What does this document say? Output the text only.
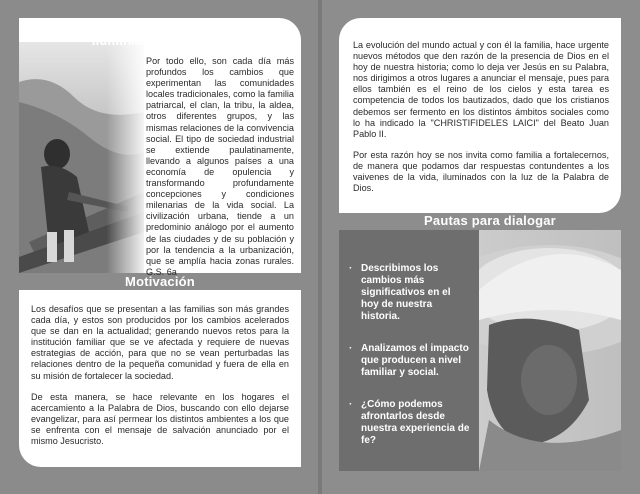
Por todo ello, son cada día más profundos los cambios que experimentan las comunidades locales tradicionales, como la familia patriarcal, el clan, la tribu, la aldea, otros diferentes grupos, y las mismas relaciones de la convivencia social. El tipo de sociedad industrial se extiende paulatinamente, llevando a algunos países a una economía de opulencia y transformando profundamente concepciones y condiciones milenarias de la vida social. La civilización urbana, tiende a un predominio análogo por el aumento de las ciudades y de su población y por la tendencia a la urbanización, que se amplía hacia zonas rurales. G.S. 6a
Iluminación Doctrinal
Motivación

Los desafíos que se presentan a las familias son más grandes cada día, y estos son producidos por los cambios acelerados que se dan en la actualidad; generando nuevos retos para la institución familiar que se ve afectada y requiere de nuevas estrategias de acción, para que no se vean perturbadas las relaciones dentro de la pequeña comunidad y fuera de ella en su misión de fortalecer la sociedad.

De esta manera, se hace relevante en los hogares el acercamiento a la Palabra de Dios, buscando con ello dejarse evangelizar, para así permear los distintos ambientes a los que se enfrenta con el mensaje de salvación anunciado por el mismo Jesucristo.

La evolución del mundo actual y con él la familia, hace urgente nuevos métodos que den razón de la presencia de Dios en el hoy de nuestra historia; como lo deja ver Jesús en su Palabra, nos dirigimos a otros lugares a anunciar el mensaje, pues para ellos también es el reino de los cielos y esta tarea es competencia de todos los bautizados, dado que los cristianos debemos ser fermento en los distintos ámbitos sociales como lo ha indicado la "CHRISTIFIDELES LAICI" del Beato Juan Pablo II.

Por esta razón hoy se nos invita como familia a fortalecernos, de manera que podamos dar respuestas contundentes a los vaivenes de la vida, iluminados con la luz de la Palabra de Dios.

Pautas para dialogar
· Describimos los cambios más significativos en el hoy de nuestra historia.
· Analizamos el impacto que producen a nivel familiar y social.
· ¿Cómo podemos afrontarlos desde nuestra experiencia de fe?
